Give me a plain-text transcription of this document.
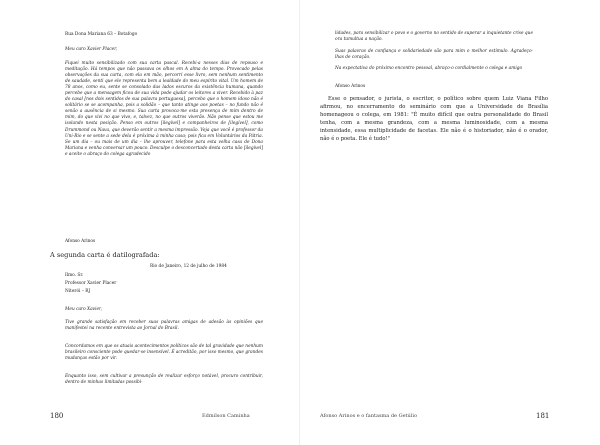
Rua Dona Mariana 63 – Botafogo

Meu caro Xavier Placer,

Fiquei muito sensibilizado com sua carta pascal. Recebi-a nesses dias de repouso e meditação. Há tempos que não passava os olhos em A alma do tempo. Provocado pelas observações da sua carta, com ela em mão, percorri esse livro, sem nenhum sentimento de saudade, senti que ele representa bem a lealdade do meu espírito vital. Um homem de 78 anos, como eu, sente se consolado das lados escuros da existência humana, quando percebe que a mensagem ficou de sua vida pode ajudar os leitores a viver. Recebido à paz do casal [nos dois sentidos de sua palavra portuguesa], percebo que o homem idoso não é solitário se se acompanha, pois a solidão – que tanto atinge aos poetas – no fundo não é senão a ausência de si mesmo. Sua carta provoca-me esta presença de mim dentro de mim, do que vivi no que vivo, e, talvez, no que outros viverão. Não pense que estou me isolando nesta posição. Penso em outros [ilegível] e companheiros de [ilegível], como Drummond ou Nava, que deverão sentir a mesma impressão. Veja que você é professor da Uni-Rio e se sente a sede dela é próxima à minha casa; pois fica em Voluntários da Pátria. Se um dia – ou mais de um dia – lhe aprouver, telefone para esta velha casa de Dona Mariana e venha conversar um pouco. Desculpe o desconcertado desta carta não [ilegível] e aceite o abraço do colega agradecido

Afonso Arinos

A segunda carta é datilografada:

Rio de Janeiro, 12 de julho de 1984

Ilmo. Sr.

Professor Xavier Placer

Niterói – RJ

Meu caro Xavier,

Tive grande satisfação em receber suas palavras amigas de adesão às opiniões que manifestei na recente entrevista ao Jornal do Brasil.

Concordamos em que os atuais acontecimentos políticos são de tal gravidade que nenhum brasileiro consciente pode quedar-se insensível. É acreditão, por isso mesmo, que grandes mudanças estão por vir.

Enquanto isso, sem cultivar a presunção de realizar esforço notável, procuro contribuir, dentro de minhas limitadas possibi-

180	Edmilson Caminha

lidades, para sensibilizar o povo e o governo no sentido de superar a inquietante crise que ora tumultua a nação.

Suas palavras de confiança e solidariedade são para mim o melhor estímulo. Agradeço-lhas de coração.

Na expectativa do próximo encontro pessoal, abraço-o cordialmente o colega e amigo

Afonso Arinos

Esse o pensador, o jurista, o escritor, o político sobre quem Luiz Viana Filho afirmou, no encerramento do seminário com que a Universidade de Brasília homenageou o colega, em 1981: "É muito difícil que outra personalidade do Brasil tenha, com a mesma grandeza, com a mesma luminosidade, com a mesma intensidade, essa multiplicidade de facetas. Ele não é o historiador, não é o orador, não é o poeta. Ele é tudo!"

Afonso Arinos e o fantasma de Getúlio	181
